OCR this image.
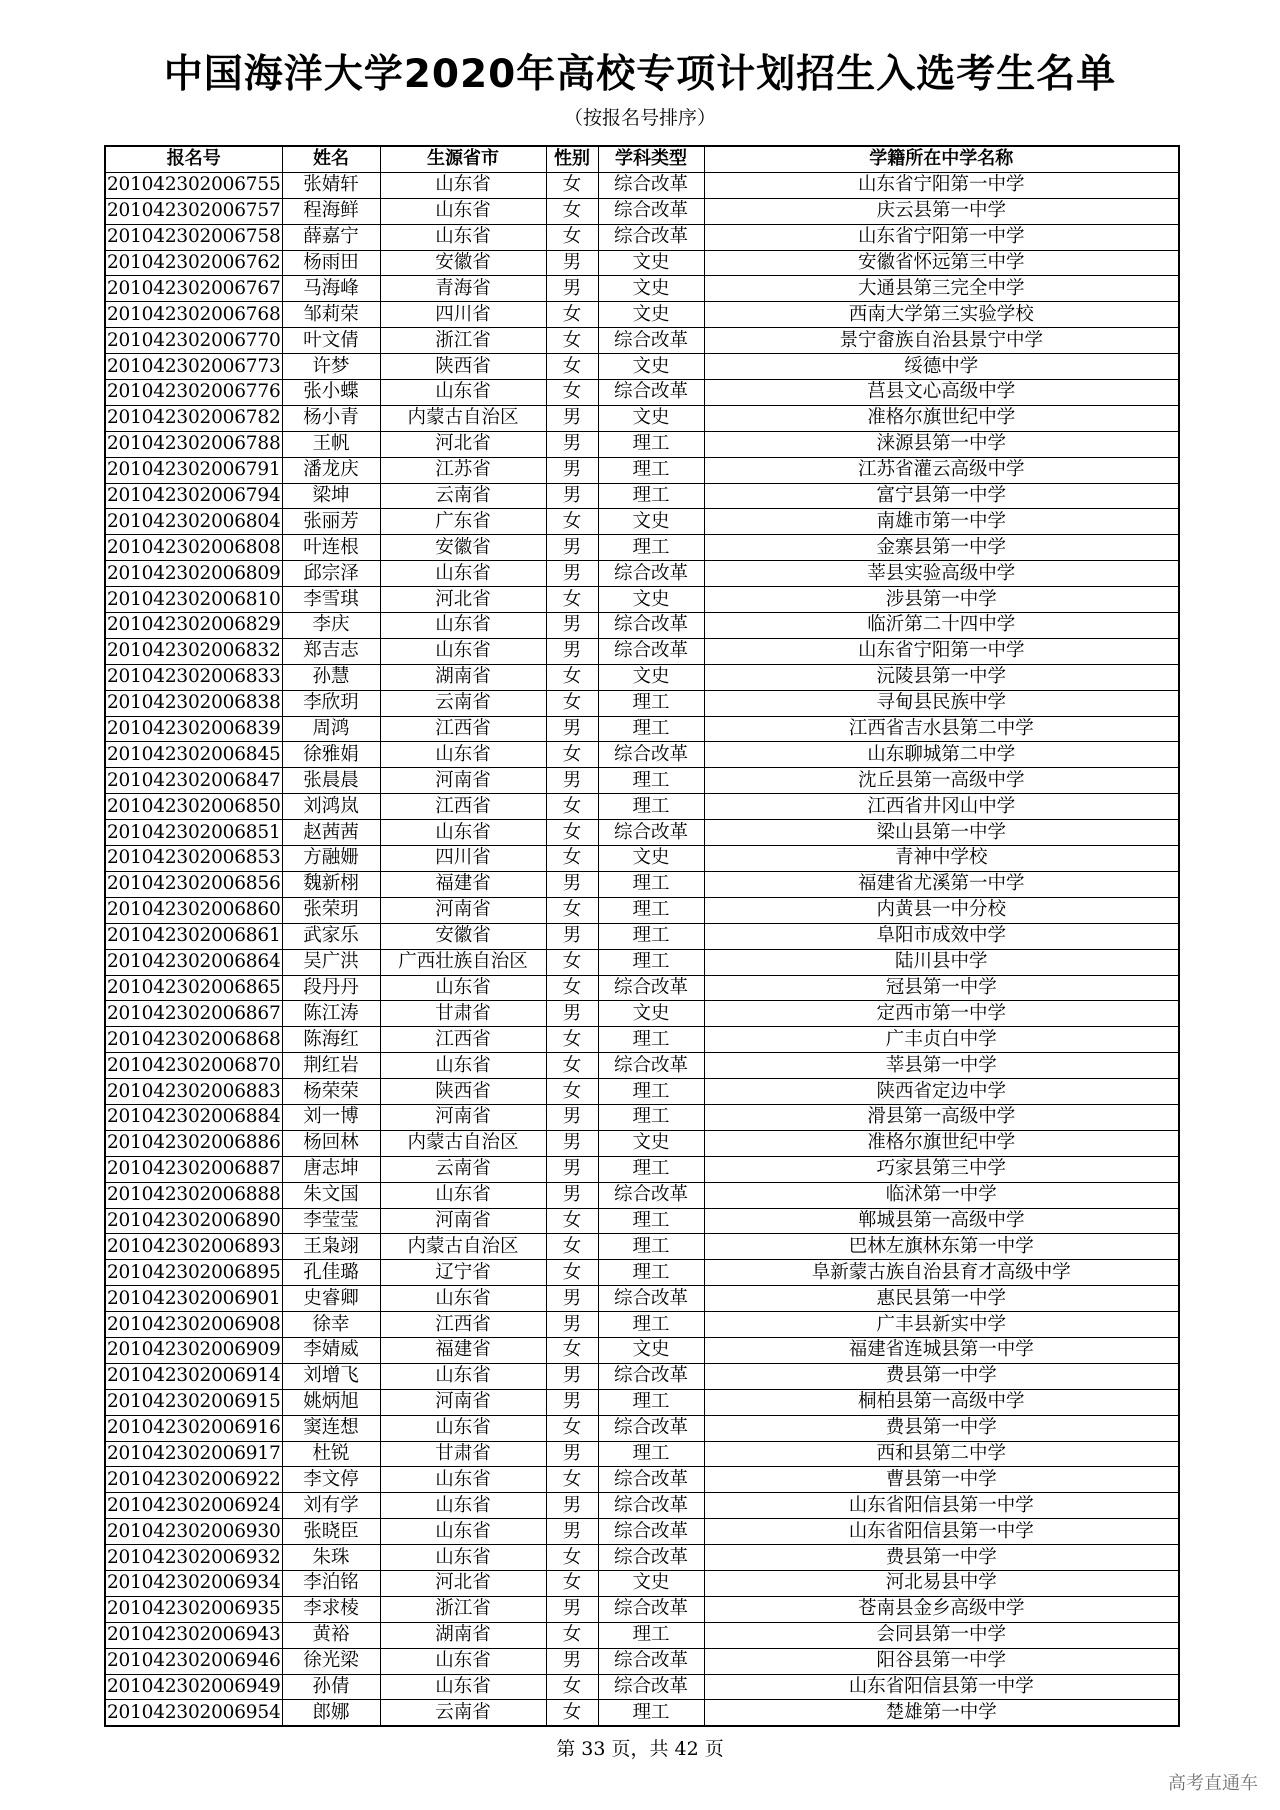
中国海洋大学2020年高校专项计划招生入选考生名单
（按报名号排序）
报名号	姓名	生源省市	性别	学科类型	学籍所在中学名称
201042302006755	张婧轩	山东省	女	综合改革	山东省宁阳第一中学
201042302006757	程海鲜	山东省	女	综合改革	庆云县第一中学
201042302006758	薛嘉宁	山东省	女	综合改革	山东省宁阳第一中学
201042302006762	杨雨田	安徽省	男	文史	安徽省怀远第三中学
201042302006767	马海峰	青海省	男	文史	大通县第三完全中学
201042302006768	邹莉荣	四川省	女	文史	西南大学第三实验学校
201042302006770	叶文倩	浙江省	女	综合改革	景宁畲族自治县景宁中学
201042302006773	许梦	陕西省	女	文史	绥德中学
201042302006776	张小蝶	山东省	女	综合改革	莒县文心高级中学
201042302006782	杨小青	内蒙古自治区	男	文史	准格尔旗世纪中学
201042302006788	王帆	河北省	男	理工	涞源县第一中学
201042302006791	潘龙庆	江苏省	男	理工	江苏省灌云高级中学
201042302006794	梁坤	云南省	男	理工	富宁县第一中学
201042302006804	张丽芳	广东省	女	文史	南雄市第一中学
201042302006808	叶连根	安徽省	男	理工	金寨县第一中学
201042302006809	邱宗泽	山东省	男	综合改革	莘县实验高级中学
201042302006810	李雪琪	河北省	女	文史	涉县第一中学
201042302006829	李庆	山东省	男	综合改革	临沂第二十四中学
201042302006832	郑吉志	山东省	男	综合改革	山东省宁阳第一中学
201042302006833	孙慧	湖南省	女	文史	沅陵县第一中学
201042302006838	李欣玥	云南省	女	理工	寻甸县民族中学
201042302006839	周鸿	江西省	男	理工	江西省吉水县第二中学
201042302006845	徐雅娟	山东省	女	综合改革	山东聊城第二中学
201042302006847	张晨晨	河南省	男	理工	沈丘县第一高级中学
201042302006850	刘鸿岚	江西省	女	理工	江西省井冈山中学
201042302006851	赵茜茜	山东省	女	综合改革	梁山县第一中学
201042302006853	方融姗	四川省	女	文史	青神中学校
201042302006856	魏新栩	福建省	男	理工	福建省尤溪第一中学
201042302006860	张荣玥	河南省	女	理工	内黄县一中分校
201042302006861	武家乐	安徽省	男	理工	阜阳市成效中学
201042302006864	吴广洪	广西壮族自治区	女	理工	陆川县中学
201042302006865	段丹丹	山东省	女	综合改革	冠县第一中学
201042302006867	陈江涛	甘肃省	男	文史	定西市第一中学
201042302006868	陈海红	江西省	女	理工	广丰贞白中学
201042302006870	荆红岩	山东省	女	综合改革	莘县第一中学
201042302006883	杨荣荣	陕西省	女	理工	陕西省定边中学
201042302006884	刘一博	河南省	男	理工	滑县第一高级中学
201042302006886	杨回林	内蒙古自治区	男	文史	准格尔旗世纪中学
201042302006887	唐志坤	云南省	男	理工	巧家县第三中学
201042302006888	朱文国	山东省	男	综合改革	临沭第一中学
201042302006890	李莹莹	河南省	女	理工	郸城县第一高级中学
201042302006893	王枭翊	内蒙古自治区	女	理工	巴林左旗林东第一中学
201042302006895	孔佳璐	辽宁省	女	理工	阜新蒙古族自治县育才高级中学
201042302006901	史睿卿	山东省	男	综合改革	惠民县第一中学
201042302006908	徐幸	江西省	男	理工	广丰县新实中学
201042302006909	李婧威	福建省	女	文史	福建省连城县第一中学
201042302006914	刘增飞	山东省	男	综合改革	费县第一中学
201042302006915	姚炳旭	河南省	男	理工	桐柏县第一高级中学
201042302006916	窦连想	山东省	女	综合改革	费县第一中学
201042302006917	杜锐	甘肃省	男	理工	西和县第二中学
201042302006922	李文停	山东省	女	综合改革	曹县第一中学
201042302006924	刘有学	山东省	男	综合改革	山东省阳信县第一中学
201042302006930	张晓臣	山东省	男	综合改革	山东省阳信县第一中学
201042302006932	朱珠	山东省	女	综合改革	费县第一中学
201042302006934	李泊铭	河北省	女	文史	河北易县中学
201042302006935	李求棱	浙江省	男	综合改革	苍南县金乡高级中学
201042302006943	黄裕	湖南省	女	理工	会同县第一中学
201042302006946	徐光梁	山东省	男	综合改革	阳谷县第一中学
201042302006949	孙倩	山东省	女	综合改革	山东省阳信县第一中学
201042302006954	郎娜	云南省	女	理工	楚雄第一中学
第 33 页，共 42 页
高考直通车
